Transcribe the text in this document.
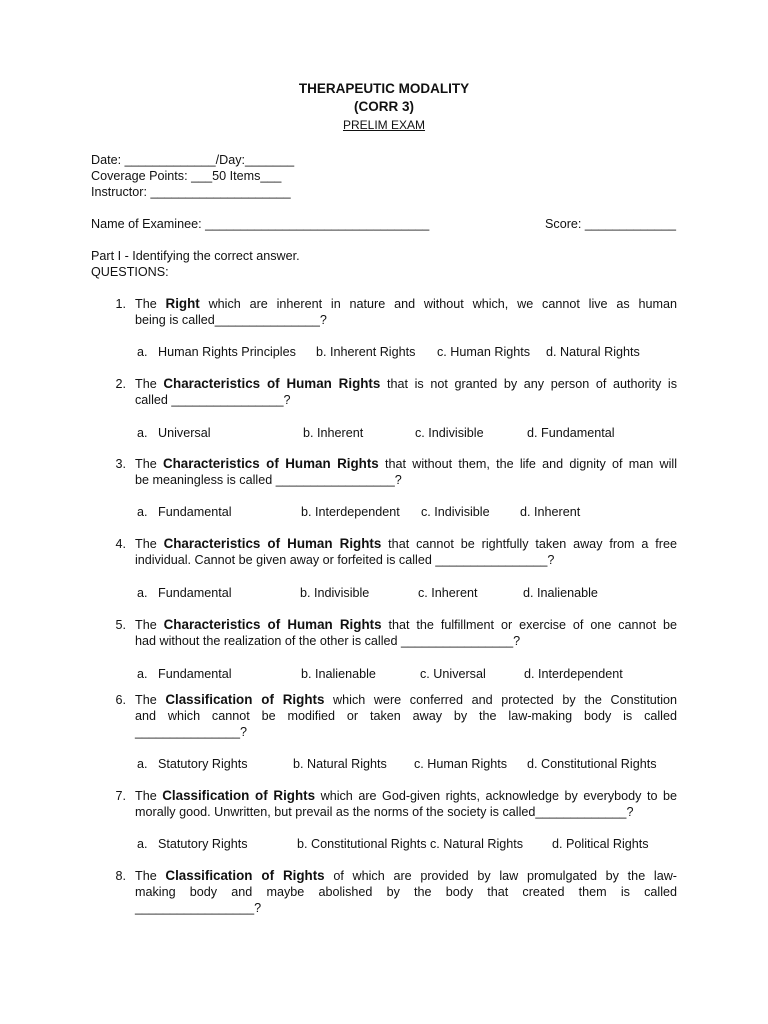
THERAPEUTIC MODALITY
(CORR 3)
PRELIM EXAM
Date: _____________/Day:_______
Coverage Points: ___50 Items___
Instructor: ____________________
Name of Examinee: ________________________________	Score: _____________
Part I - Identifying the correct answer.
QUESTIONS:
1. The Right which are inherent in nature and without which, we cannot live as human
being is called_______________?
a. Human Rights Principles b. Inherent Rights c. Human Rights d. Natural Rights
2. The Characteristics of Human Rights that is not granted by any person of authority is
called ________________?
a. Universal	b. Inherent	c. Indivisible	d. Fundamental
3. The Characteristics of Human Rights that without them, the life and dignity of man will
be meaningless is called _________________?
a. Fundamental	b. Interdependent c. Indivisible d. Inherent
4. The Characteristics of Human Rights that cannot be rightfully taken away from a free
individual. Cannot be given away or forfeited is called ________________?
a. Fundamental	b. Indivisible	c. Inherent	d. Inalienable
5. The Characteristics of Human Rights that the fulfillment or exercise of one cannot be
had without the realization of the other is called ________________?
a. Fundamental	b. Inalienable	c. Universal	d. Interdependent
6. The Classification of Rights which were conferred and protected by the Constitution
and which cannot be modified or taken away by the law-making body is called
_______________?
a. Statutory Rights	b. Natural Rights c. Human Rights d. Constitutional Rights
7. The Classification of Rights which are God-given rights, acknowledge by everybody to be
morally good. Unwritten, but prevail as the norms of the society is called_____________?
a. Statutory Rights	b. Constitutional Rights c. Natural Rights d. Political Rights
8. The Classification of Rights of which are provided by law promulgated by the law-
making body and maybe abolished by the body that created them is called
_________________?
